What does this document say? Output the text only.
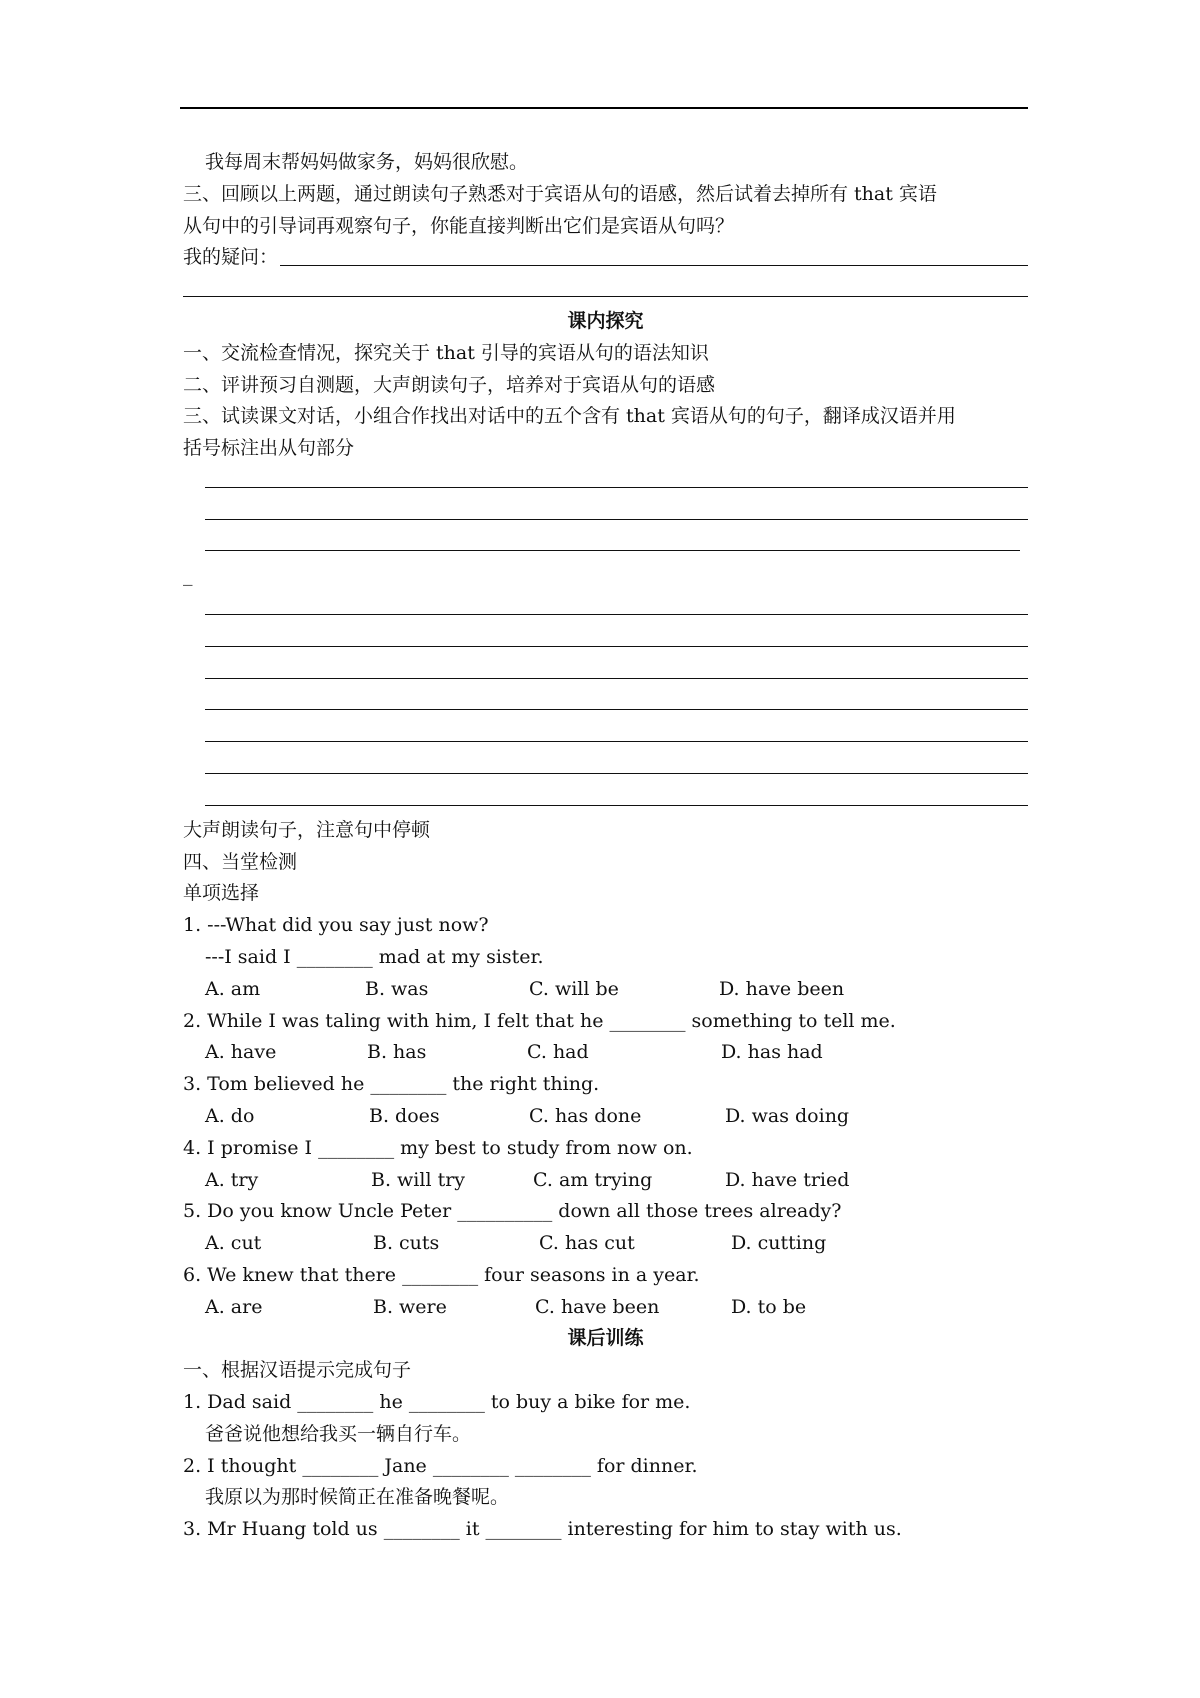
我每周末帮妈妈做家务，妈妈很欣慰。
三、回顾以上两题，通过朗读句子熟悉对于宾语从句的语感，然后试着去掉所有 that 宾语
从句中的引导词再观察句子，你能直接判断出它们是宾语从句吗？
我的疑问：
课内探究
一、交流检查情况，探究关于 that 引导的宾语从句的语法知识
二、评讲预习自测题，大声朗读句子，培养对于宾语从句的语感
三、试读课文对话，小组合作找出对话中的五个含有 that 宾语从句的句子，翻译成汉语并用
括号标注出从句部分
_
大声朗读句子，注意句中停顿
四、当堂检测
单项选择
1. ---What did you say just now?
---I said I ________ mad at my sister.
A. am	B. was	C. will be	D. have been
2. While I was taling with him, I felt that he ________ something to tell me.
A. have	B. has	C. had	D. has had
3. Tom believed he ________ the right thing.
A. do	B. does	C. has done	D. was doing
4. I promise I ________ my best to study from now on.
A. try	B. will try	C. am trying	D. have tried
5. Do you know Uncle Peter __________ down all those trees already?
A. cut	B. cuts	C. has cut	D. cutting
6. We knew that there ________ four seasons in a year.
A. are	B. were	C. have been	D. to be
课后训练
一、根据汉语提示完成句子
1. Dad said ________ he ________ to buy a bike for me.
爸爸说他想给我买一辆自行车。
2. I thought ________ Jane ________ ________ for dinner.
我原以为那时候简正在准备晚餐呢。
3. Mr Huang told us ________ it ________ interesting for him to stay with us.
